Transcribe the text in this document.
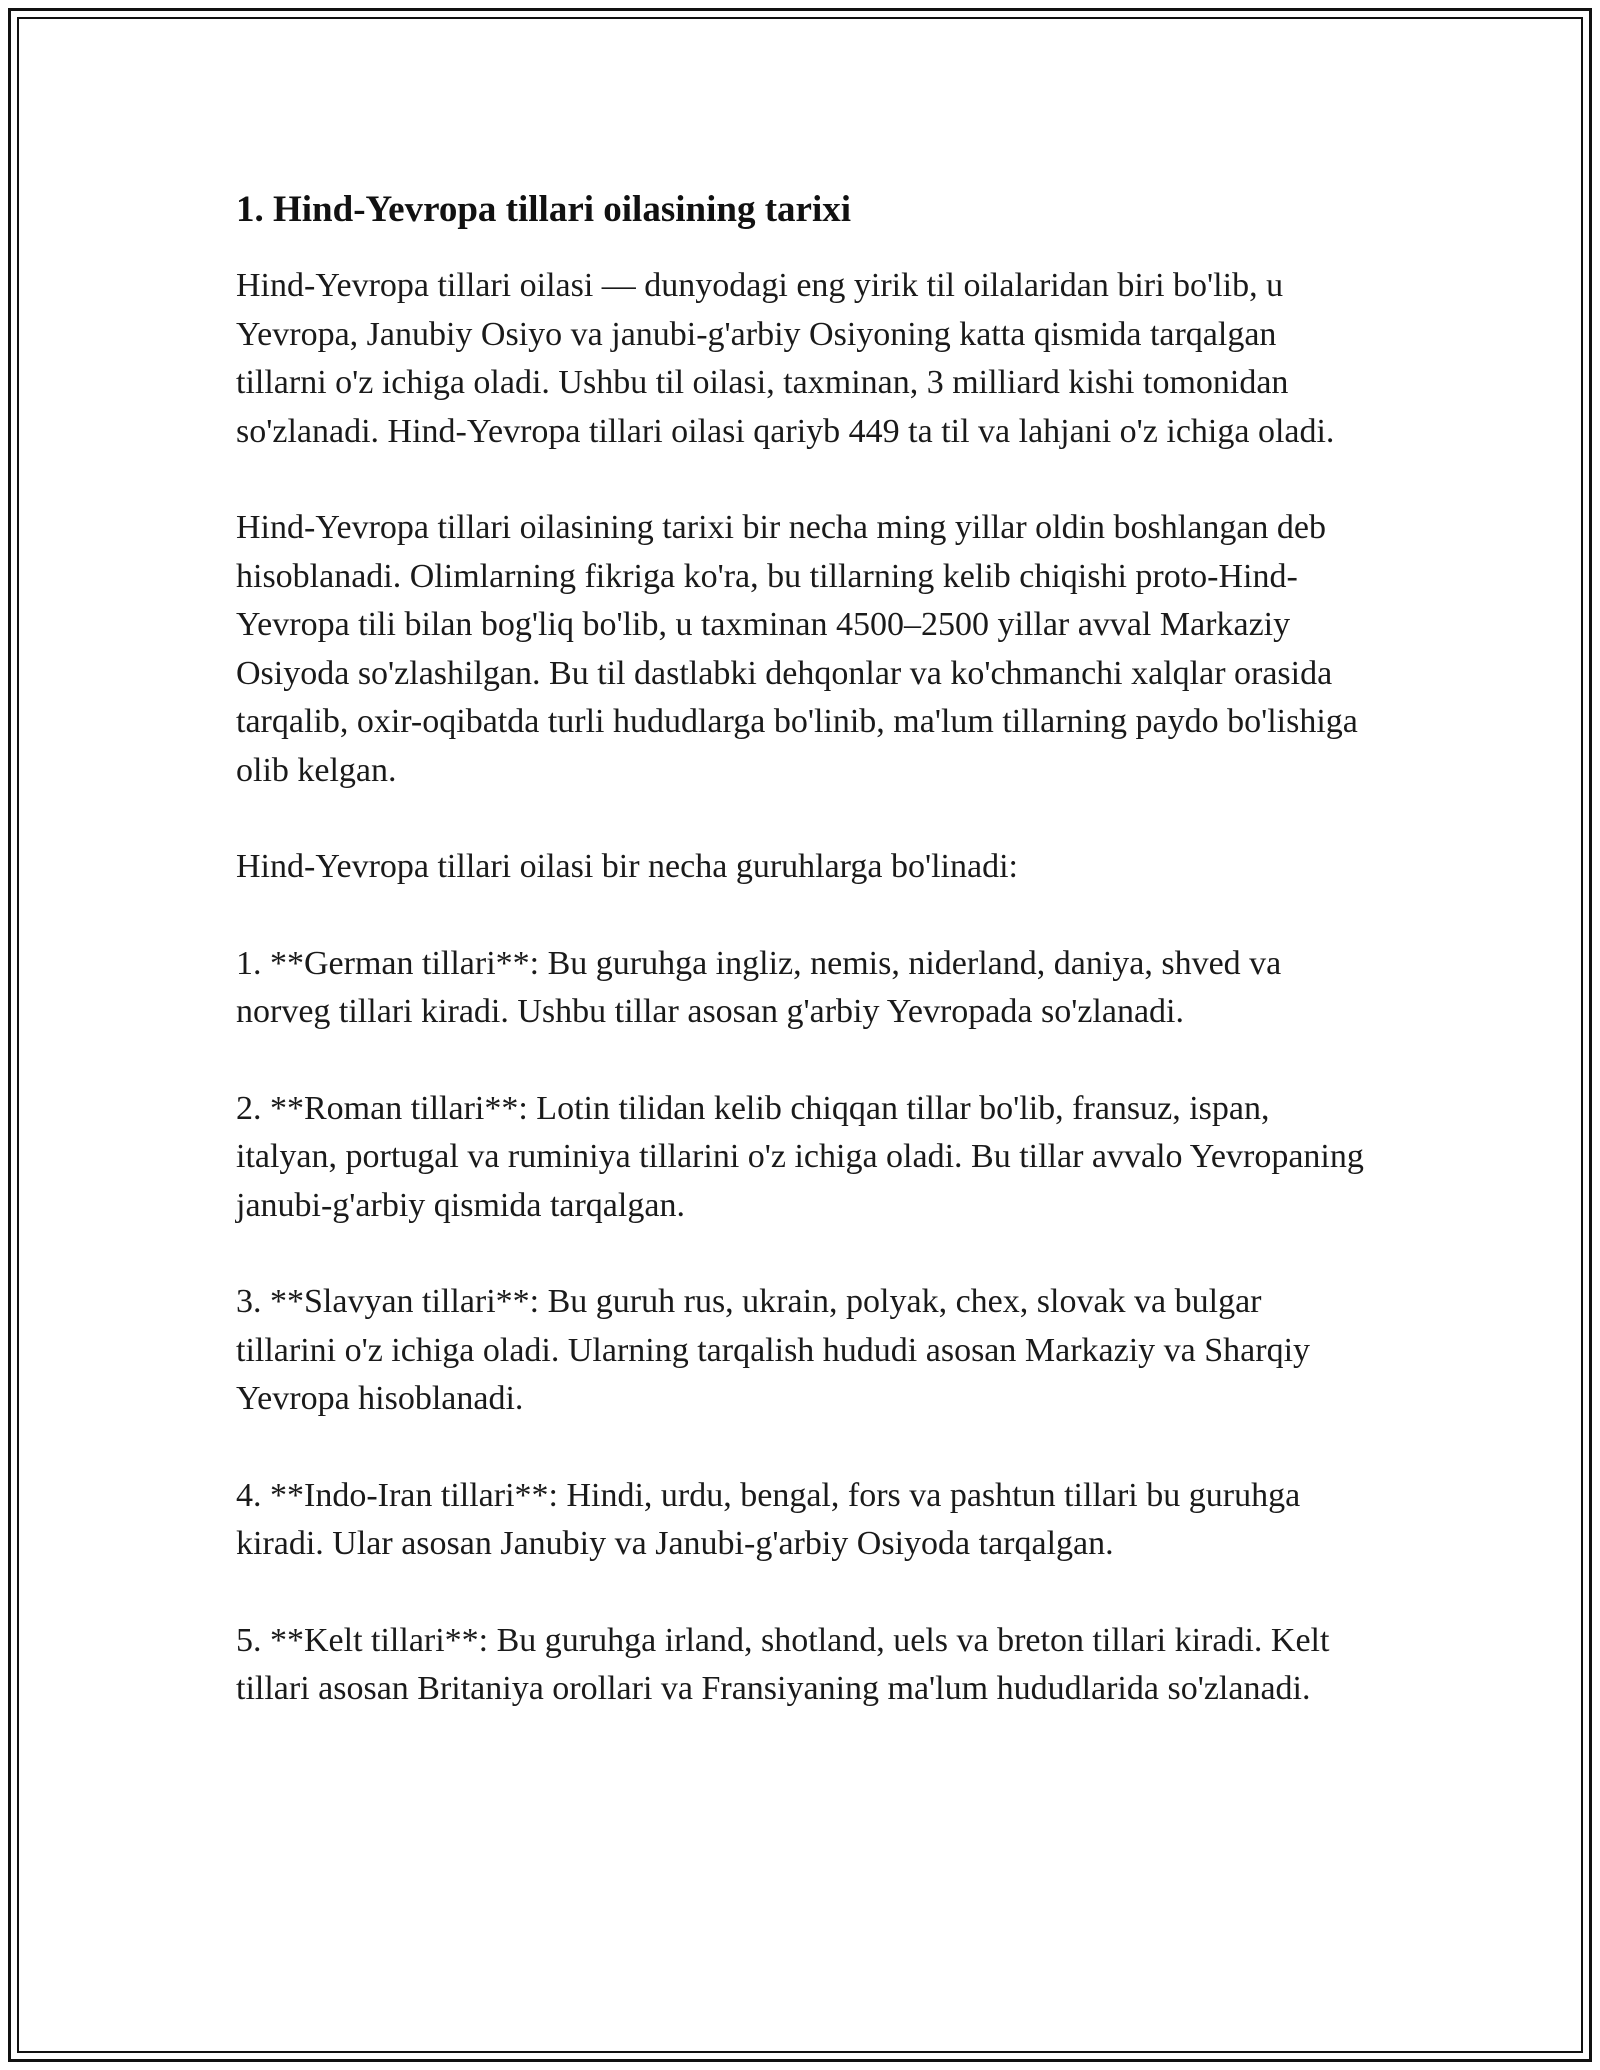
1. Hind-Yevropa tillari oilasining tarixi

Hind-Yevropa tillari oilasi — dunyodagi eng yirik til oilalaridan biri bo'lib, u Yevropa, Janubiy Osiyo va janubi-g'arbiy Osiyoning katta qismida tarqalgan tillarni o'z ichiga oladi. Ushbu til oilasi, taxminan, 3 milliard kishi tomonidan so'zlanadi. Hind-Yevropa tillari oilasi qariyb 449 ta til va lahjani o'z ichiga oladi.

Hind-Yevropa tillari oilasining tarixi bir necha ming yillar oldin boshlangan deb hisoblanadi. Olimlarning fikriga ko'ra, bu tillarning kelib chiqishi proto-Hind-Yevropa tili bilan bog'liq bo'lib, u taxminan 4500–2500 yillar avval Markaziy Osiyoda so'zlashilgan. Bu til dastlabki dehqonlar va ko'chmanchi xalqlar orasida tarqalib, oxir-oqibatda turli hududlarga bo'linib, ma'lum tillarning paydo bo'lishiga olib kelgan.

Hind-Yevropa tillari oilasi bir necha guruhlarga bo'linadi:

1. **German tillari**: Bu guruhga ingliz, nemis, niderland, daniya, shved va norveg tillari kiradi. Ushbu tillar asosan g'arbiy Yevropada so'zlanadi.

2. **Roman tillari**: Lotin tilidan kelib chiqqan tillar bo'lib, fransuz, ispan, italyan, portugal va ruminiya tillarini o'z ichiga oladi. Bu tillar avvalo Yevropaning janubi-g'arbiy qismida tarqalgan.

3. **Slavyan tillari**: Bu guruh rus, ukrain, polyak, chex, slovak va bulgar tillarini o'z ichiga oladi. Ularning tarqalish hududi asosan Markaziy va Sharqiy Yevropa hisoblanadi.

4. **Indo-Iran tillari**: Hindi, urdu, bengal, fors va pashtun tillari bu guruhga kiradi. Ular asosan Janubiy va Janubi-g'arbiy Osiyoda tarqalgan.

5. **Kelt tillari**: Bu guruhga irland, shotland, uels va breton tillari kiradi. Kelt tillari asosan Britaniya orollari va Fransiyaning ma'lum hududlarida so'zlanadi.
